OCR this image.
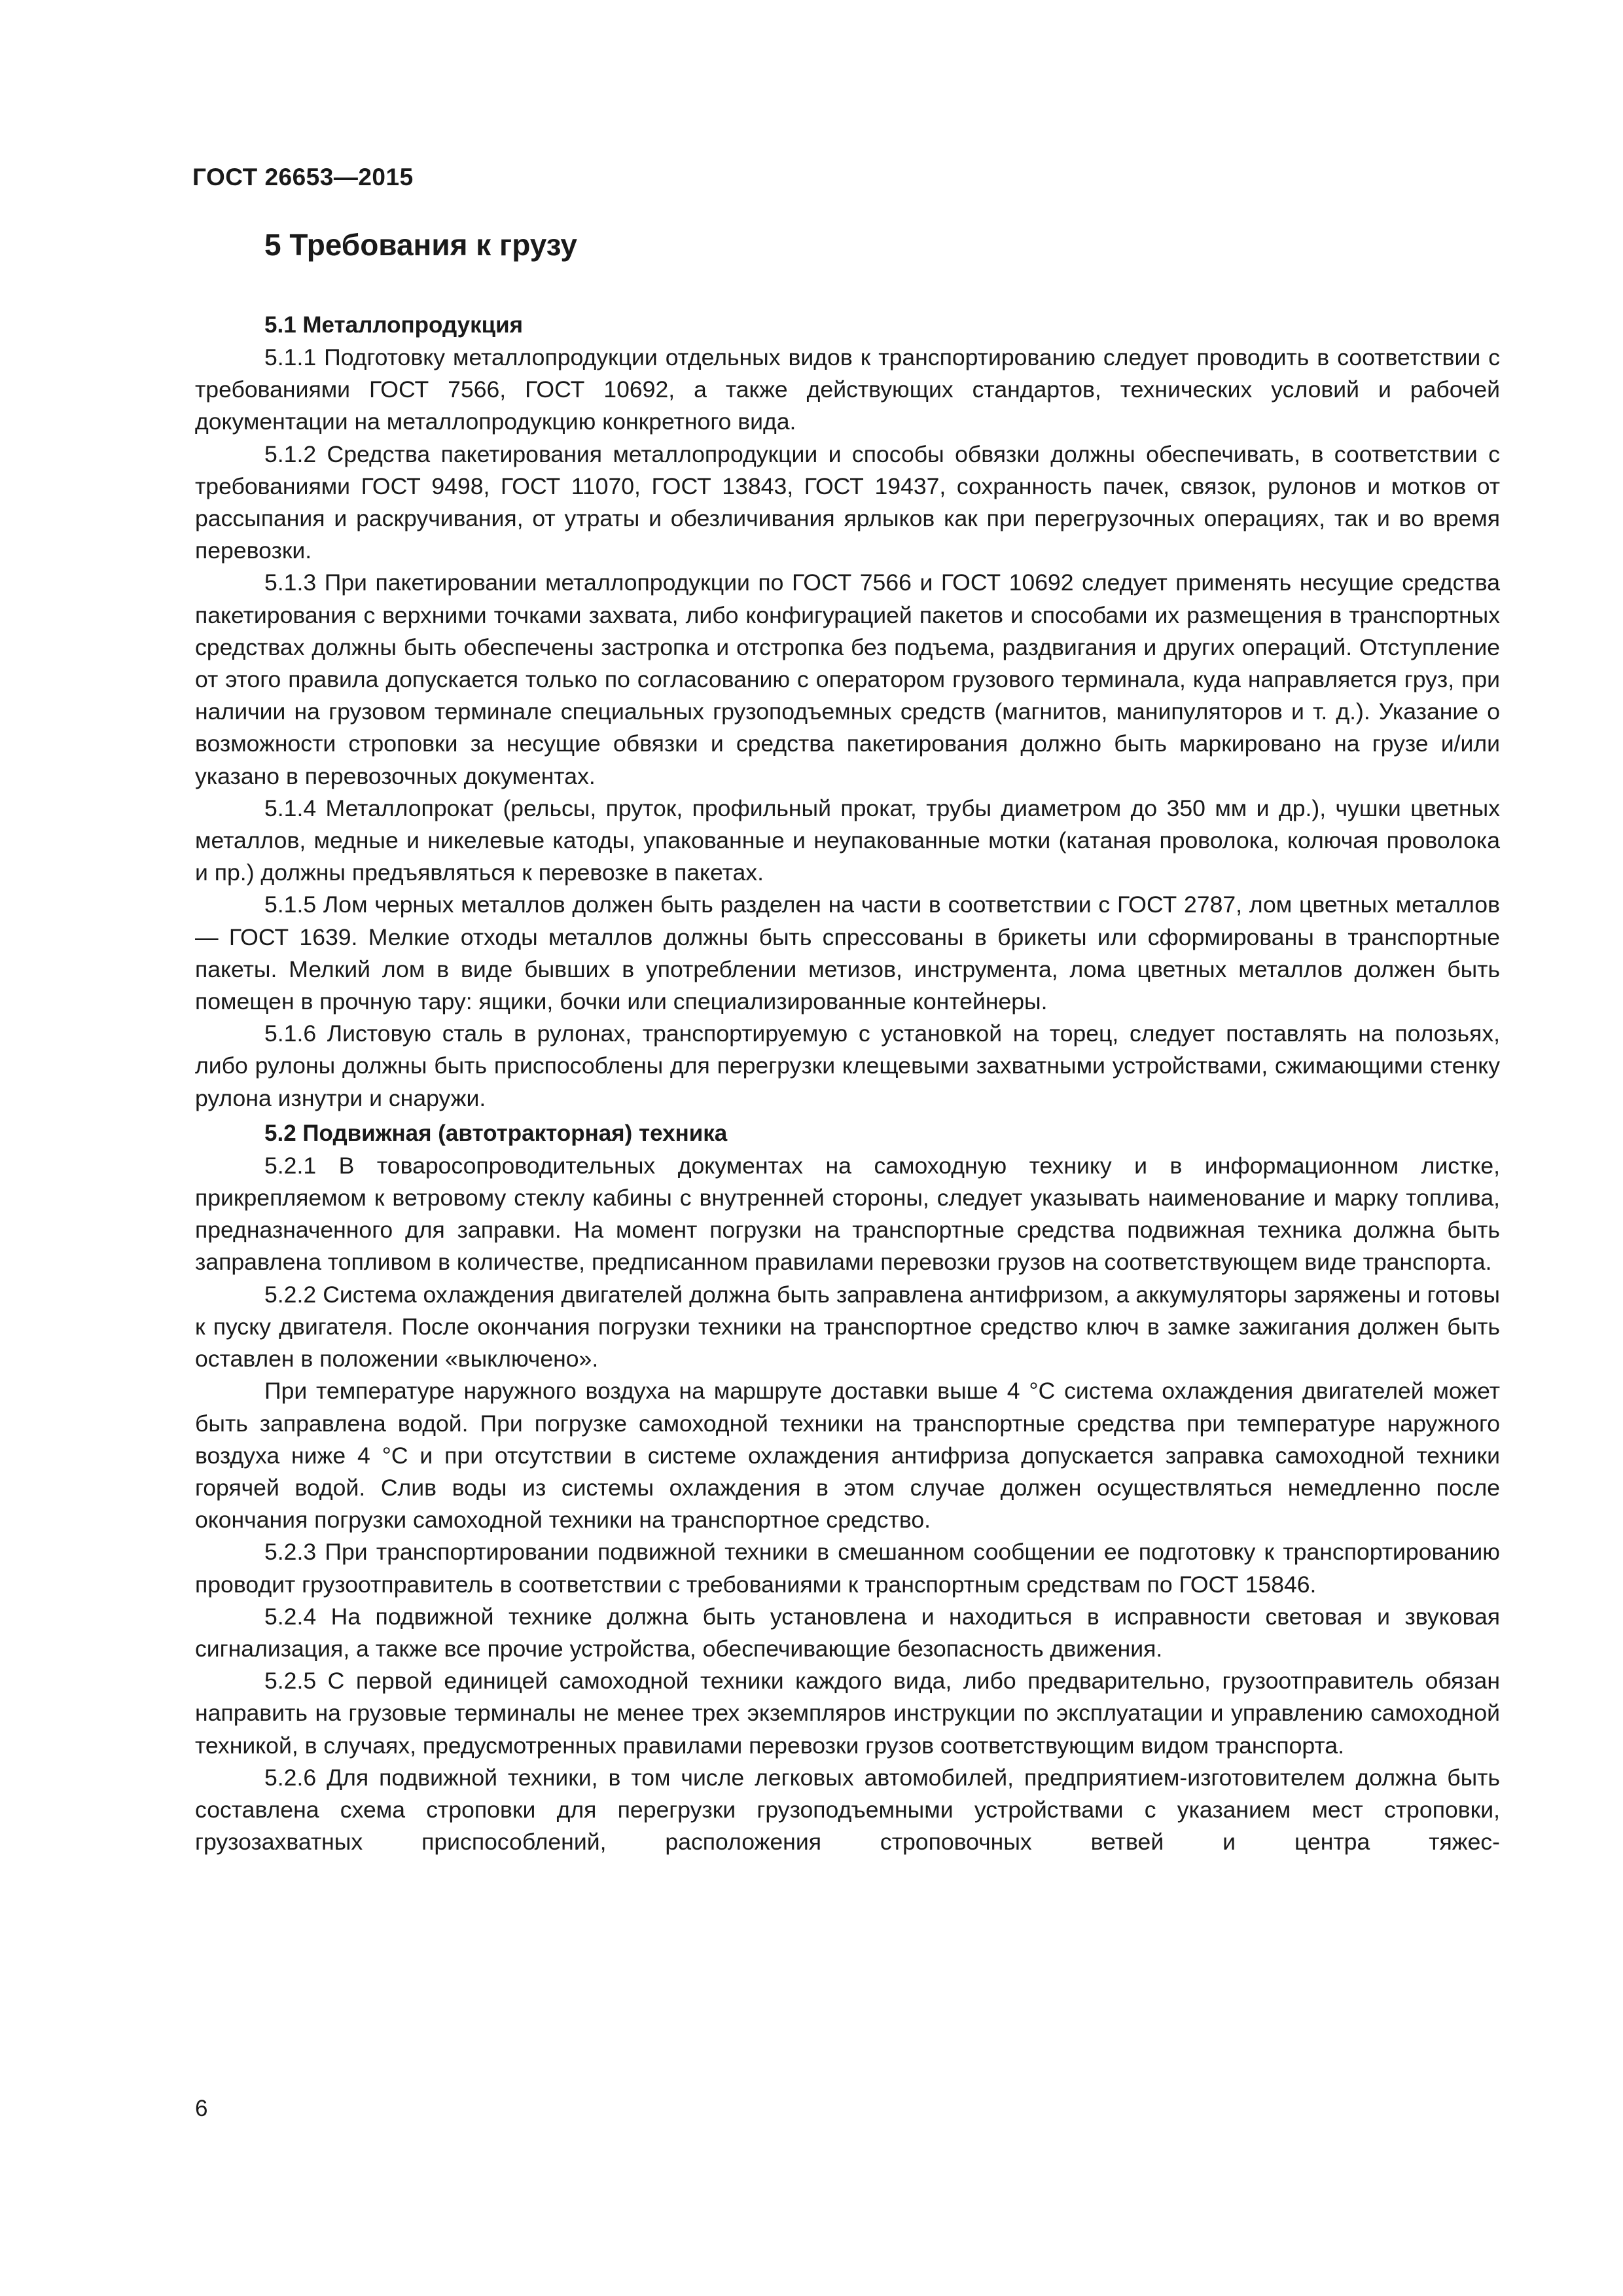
ГОСТ 26653—2015
5 Требования к грузу
5.1 Металлопродукция

5.1.1 Подготовку металлопродукции отдельных видов к транспортированию следует проводить в соответствии с требованиями ГОСТ 7566, ГОСТ 10692, а также действующих стандартов, технических условий и рабочей документации на металлопродукцию конкретного вида.

5.1.2 Средства пакетирования металлопродукции и способы обвязки должны обеспечивать, в соответствии с требованиями ГОСТ 9498, ГОСТ 11070, ГОСТ 13843, ГОСТ 19437, сохранность пачек, связок, рулонов и мотков от рассыпания и раскручивания, от утраты и обезличивания ярлыков как при перегрузочных операциях, так и во время перевозки.

5.1.3 При пакетировании металлопродукции по ГОСТ 7566 и ГОСТ 10692 следует применять несущие средства пакетирования с верхними точками захвата, либо конфигурацией пакетов и способами их размещения в транспортных средствах должны быть обеспечены застропка и отстропка без подъема, раздвигания и других операций. Отступление от этого правила допускается только по согласованию с оператором грузового терминала, куда направляется груз, при наличии на грузовом терминале специальных грузоподъемных средств (магнитов, манипуляторов и т. д.). Указание о возможности строповки за несущие обвязки и средства пакетирования должно быть маркировано на грузе и/или указано в перевозочных документах.

5.1.4 Металлопрокат (рельсы, пруток, профильный прокат, трубы диаметром до 350 мм и др.), чушки цветных металлов, медные и никелевые катоды, упакованные и неупакованные мотки (катаная проволока, колючая проволока и пр.) должны предъявляться к перевозке в пакетах.

5.1.5 Лом черных металлов должен быть разделен на части в соответствии с ГОСТ 2787, лом цветных металлов — ГОСТ 1639. Мелкие отходы металлов должны быть спрессованы в брикеты или сформированы в транспортные пакеты. Мелкий лом в виде бывших в употреблении метизов, инструмента, лома цветных металлов должен быть помещен в прочную тару: ящики, бочки или специализированные контейнеры.

5.1.6 Листовую сталь в рулонах, транспортируемую с установкой на торец, следует поставлять на полозьях, либо рулоны должны быть приспособлены для перегрузки клещевыми захватными устройствами, сжимающими стенку рулона изнутри и снаружи.

5.2 Подвижная (автотракторная) техника

5.2.1 В товаросопроводительных документах на самоходную технику и в информационном листке, прикрепляемом к ветровому стеклу кабины с внутренней стороны, следует указывать наименование и марку топлива, предназначенного для заправки. На момент погрузки на транспортные средства подвижная техника должна быть заправлена топливом в количестве, предписанном правилами перевозки грузов на соответствующем виде транспорта.

5.2.2 Система охлаждения двигателей должна быть заправлена антифризом, а аккумуляторы заряжены и готовы к пуску двигателя. После окончания погрузки техники на транспортное средство ключ в замке зажигания должен быть оставлен в положении «выключено».

При температуре наружного воздуха на маршруте доставки выше 4 °C система охлаждения двигателей может быть заправлена водой. При погрузке самоходной техники на транспортные средства при температуре наружного воздуха ниже 4 °C и при отсутствии в системе охлаждения антифриза допускается заправка самоходной техники горячей водой. Слив воды из системы охлаждения в этом случае должен осуществляться немедленно после окончания погрузки самоходной техники на транспортное средство.

5.2.3 При транспортировании подвижной техники в смешанном сообщении ее подготовку к транспортированию проводит грузоотправитель в соответствии с требованиями к транспортным средствам по ГОСТ 15846.

5.2.4 На подвижной технике должна быть установлена и находиться в исправности световая и звуковая сигнализация, а также все прочие устройства, обеспечивающие безопасность движения.

5.2.5 С первой единицей самоходной техники каждого вида, либо предварительно, грузоотправитель обязан направить на грузовые терминалы не менее трех экземпляров инструкции по эксплуатации и управлению самоходной техникой, в случаях, предусмотренных правилами перевозки грузов соответствующим видом транспорта.

5.2.6 Для подвижной техники, в том числе легковых автомобилей, предприятием-изготовителем должна быть составлена схема строповки для перегрузки грузоподъемными устройствами с указанием мест строповки, грузозахватных приспособлений, расположения строповочных ветвей и центра тяжес-

6
